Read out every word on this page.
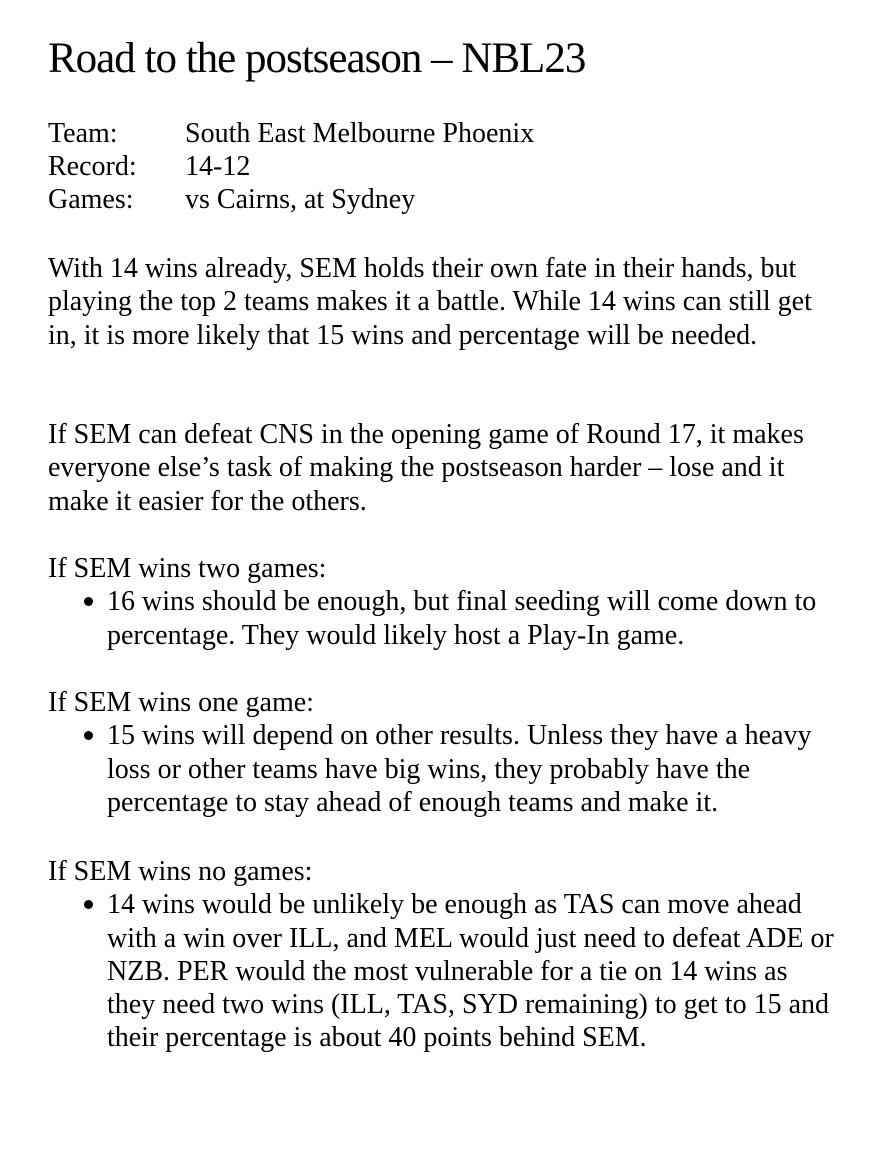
Road to the postseason – NBL23
Team:	South East Melbourne Phoenix
Record:	14-12
Games:	vs Cairns, at Sydney
With 14 wins already, SEM holds their own fate in their hands, but playing the top 2 teams makes it a battle. While 14 wins can still get in, it is more likely that 15 wins and percentage will be needed.
If SEM can defeat CNS in the opening game of Round 17, it makes everyone else’s task of making the postseason harder – lose and it make it easier for the others.
If SEM wins two games:
16 wins should be enough, but final seeding will come down to percentage. They would likely host a Play-In game.
If SEM wins one game:
15 wins will depend on other results. Unless they have a heavy loss or other teams have big wins, they probably have the percentage to stay ahead of enough teams and make it.
If SEM wins no games:
14 wins would be unlikely be enough as TAS can move ahead with a win over ILL, and MEL would just need to defeat ADE or NZB. PER would the most vulnerable for a tie on 14 wins as they need two wins (ILL, TAS, SYD remaining) to get to 15 and their percentage is about 40 points behind SEM.
